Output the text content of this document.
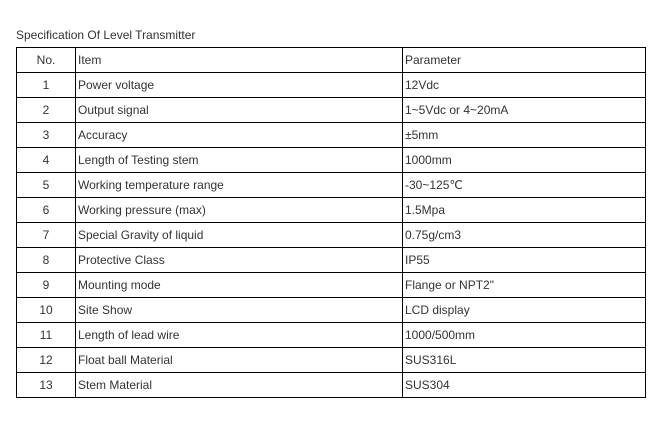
Specification Of Level Transmitter
No.	Item	Parameter
1	Power voltage	12Vdc
2	Output signal	1~5Vdc or 4~20mA
3	Accuracy	±5mm
4	Length of Testing stem	1000mm
5	Working temperature range	-30~125℃
6	Working pressure (max)	1.5Mpa
7	Special Gravity of liquid	0.75g/cm3
8	Protective Class	IP55
9	Mounting mode	Flange or NPT2"
10	Site Show	LCD display
11	Length of lead wire	1000/500mm
12	Float ball Material	SUS316L
13	Stem Material	SUS304
